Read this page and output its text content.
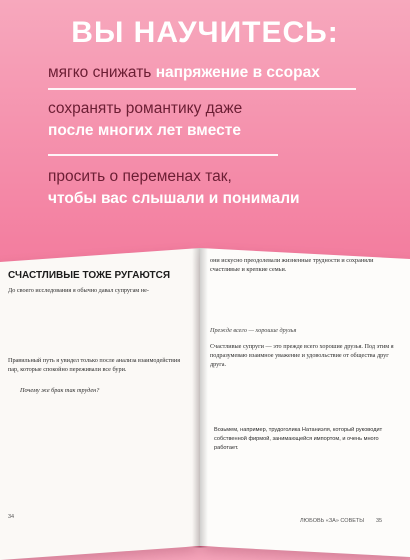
ВЫ НАУЧИТЕСЬ:
мягко снижать напряжение в ссорах
сохранять романтику даже
после многих лет вместе
просить о переменах так,
чтобы вас слышали и понимали
СЧАСТЛИВЫЕ ТОЖЕ РУГАЮТСЯ
До своего исследования я обычно давал супругам не-
Правильный путь я увидел только после анализа взаимодействия пар, которые спокойно переживали все бури.
Почему же брак так труден?
34
они искусно преодолевали жизненные трудности и сохраняли счастливые и крепкие семьи.
Прежде всего — хорошие друзья
Счастливые супруги — это прежде всего хорошие друзья. Под этим я подразумеваю взаимное уважение и удовольствие от общества друг друга.
Возьмем, например, трудоголика Натаниэля, который руководит собственной фирмой, занимающейся импортом, и очень много работает.
ЛЮБОВЬ «ЗА» СОВЕТЫ 35
